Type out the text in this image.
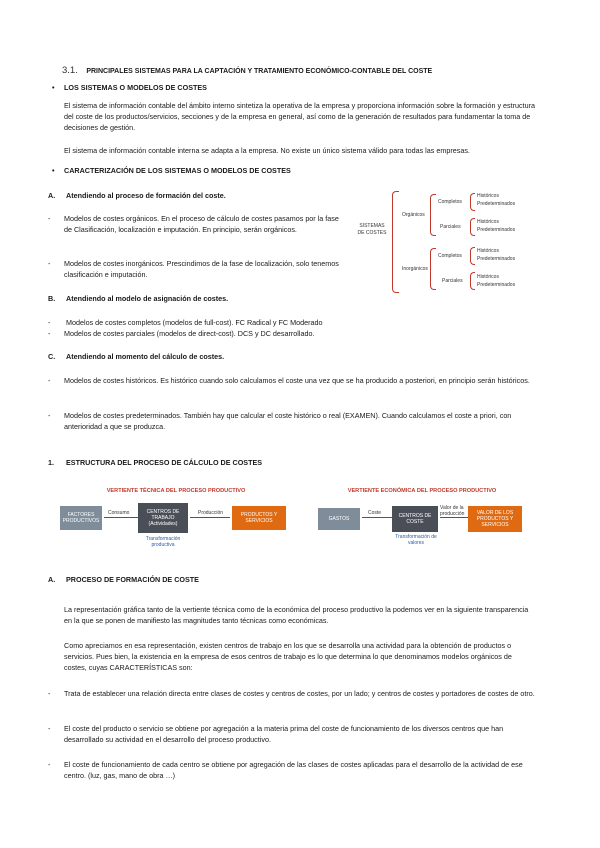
3.1. PRINCIPALES SISTEMAS PARA LA CAPTACIÓN Y TRATAMIENTO ECONÓMICO-CONTABLE DEL COSTE
• LOS SISTEMAS O MODELOS DE COSTES
El sistema de información contable del ámbito interno sintetiza la operativa de la empresa y proporciona información sobre la formación y estructura del coste de los productos/servicios, secciones y de la empresa en general, así como de la generación de resultados para fundamentar la toma de decisiones de gestión.
El sistema de información contable interna se adapta a la empresa. No existe un único sistema válido para todas las empresas.
• CARACTERIZACIÓN DE LOS SISTEMAS O MODELOS DE COSTES
A. Atendiendo al proceso de formación del coste.
- Modelos de costes orgánicos. En el proceso de cálculo de costes pasamos por la fase de Clasificación, localización e imputación. En principio, serán orgánicos.
- Modelos de costes inorgánicos. Prescindimos de la fase de localización, solo tenemos clasificación e imputación.
SISTEMAS DE COSTES
Orgánicos
Inorgánicos
Completos
Parciales
Completos
Parciales
Históricos
Predeterminados
Históricos
Predeterminados
Históricos
Predeterminados
Históricos
Predeterminados
B. Atendiendo al modelo de asignación de costes.
- Modelos de costes completos (modelos de full-cost). FC Radical y FC Moderado
- Modelos de costes parciales (modelos de direct-cost). DCS y DC desarrollado.
C. Atendiendo al momento del cálculo de costes.
- Modelos de costes históricos. Es histórico cuando solo calculamos el coste una vez que se ha producido a posteriori, en principio serán históricos.
- Modelos de costes predeterminados. También hay que calcular el coste histórico o real (EXAMEN). Cuando calculamos el coste a priori, con anterioridad a que se produzca.
1. ESTRUCTURA DEL PROCESO DE CÁLCULO DE COSTES
VERTIENTE TÉCNICA DEL PROCESO PRODUCTIVO
FACTORES PRODUCTIVOS
Consumo	CENTROS DE TRABAJO (Actividades)
Producción	PRODUCTOS Y SERVICIOS
Transformación productiva
VERTIENTE ECONÓMICA DEL PROCESO PRODUCTIVO
GASTOS
Coste	CENTROS DE COSTE
Valor de la producción	VALOR DE LOS PRODUCTOS Y SERVICIOS
Transformación de valores
A. PROCESO DE FORMACIÓN DE COSTE
La representación gráfica tanto de la vertiente técnica como de la económica del proceso productivo la podemos ver en la siguiente transparencia en la que se ponen de manifiesto las magnitudes tanto técnicas como económicas.
Como apreciamos en esa representación, existen centros de trabajo en los que se desarrolla una actividad para la obtención de productos o servicios. Pues bien, la existencia en la empresa de esos centros de trabajo es lo que determina lo que denominamos modelos orgánicos de costes, cuyas CARACTERÍSTICAS son:
- Trata de establecer una relación directa entre clases de costes y centros de costes, por un lado; y centros de costes y portadores de costes de otro.
- El coste del producto o servicio se obtiene por agregación a la materia prima del coste de funcionamiento de los diversos centros que han desarrollado su actividad en el desarrollo del proceso productivo.
- El coste de funcionamiento de cada centro se obtiene por agregación de las clases de costes aplicadas para el desarrollo de la actividad de ese centro. (luz, gas, mano de obra …)
